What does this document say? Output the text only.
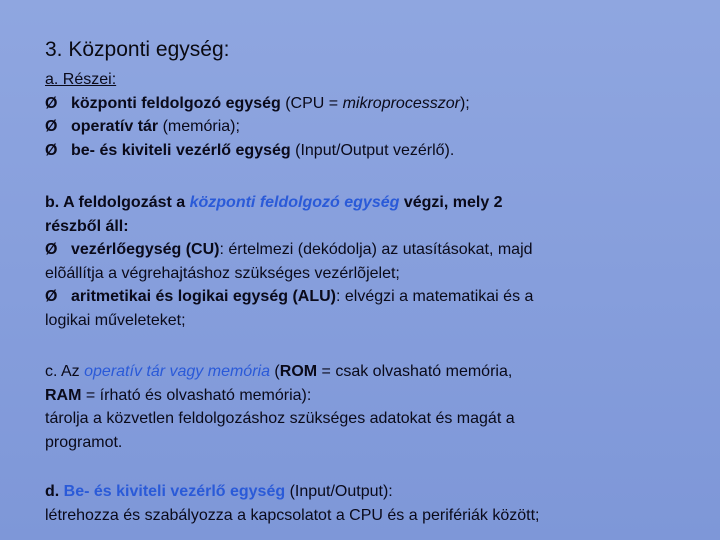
3. Központi egység:
a. Részei:
Ø központi feldolgozó egység (CPU = mikroprocesszor);
Ø operatív tár (memória);
Ø be- és kiviteli vezérlő egység (Input/Output vezérlő).
b. A feldolgozást a központi feldolgozó egység végzi, mely 2
részből áll:
Ø vezérlőegység (CU): értelmezi (dekódolja) az utasításokat, majd
elõállítja a végrehajtáshoz szükséges vezérlõjelet;
Ø aritmetikai és logikai egység (ALU): elvégzi a matematikai és a
logikai műveleteket;
c. Az operatív tár vagy memória (ROM = csak olvasható memória,
RAM = írható és olvasható memória):
tárolja a közvetlen feldolgozáshoz szükséges adatokat és magát a
programot.
d. Be- és kiviteli vezérlő egység (Input/Output):
létrehozza és szabályozza a kapcsolatot a CPU és a perifériák között;
